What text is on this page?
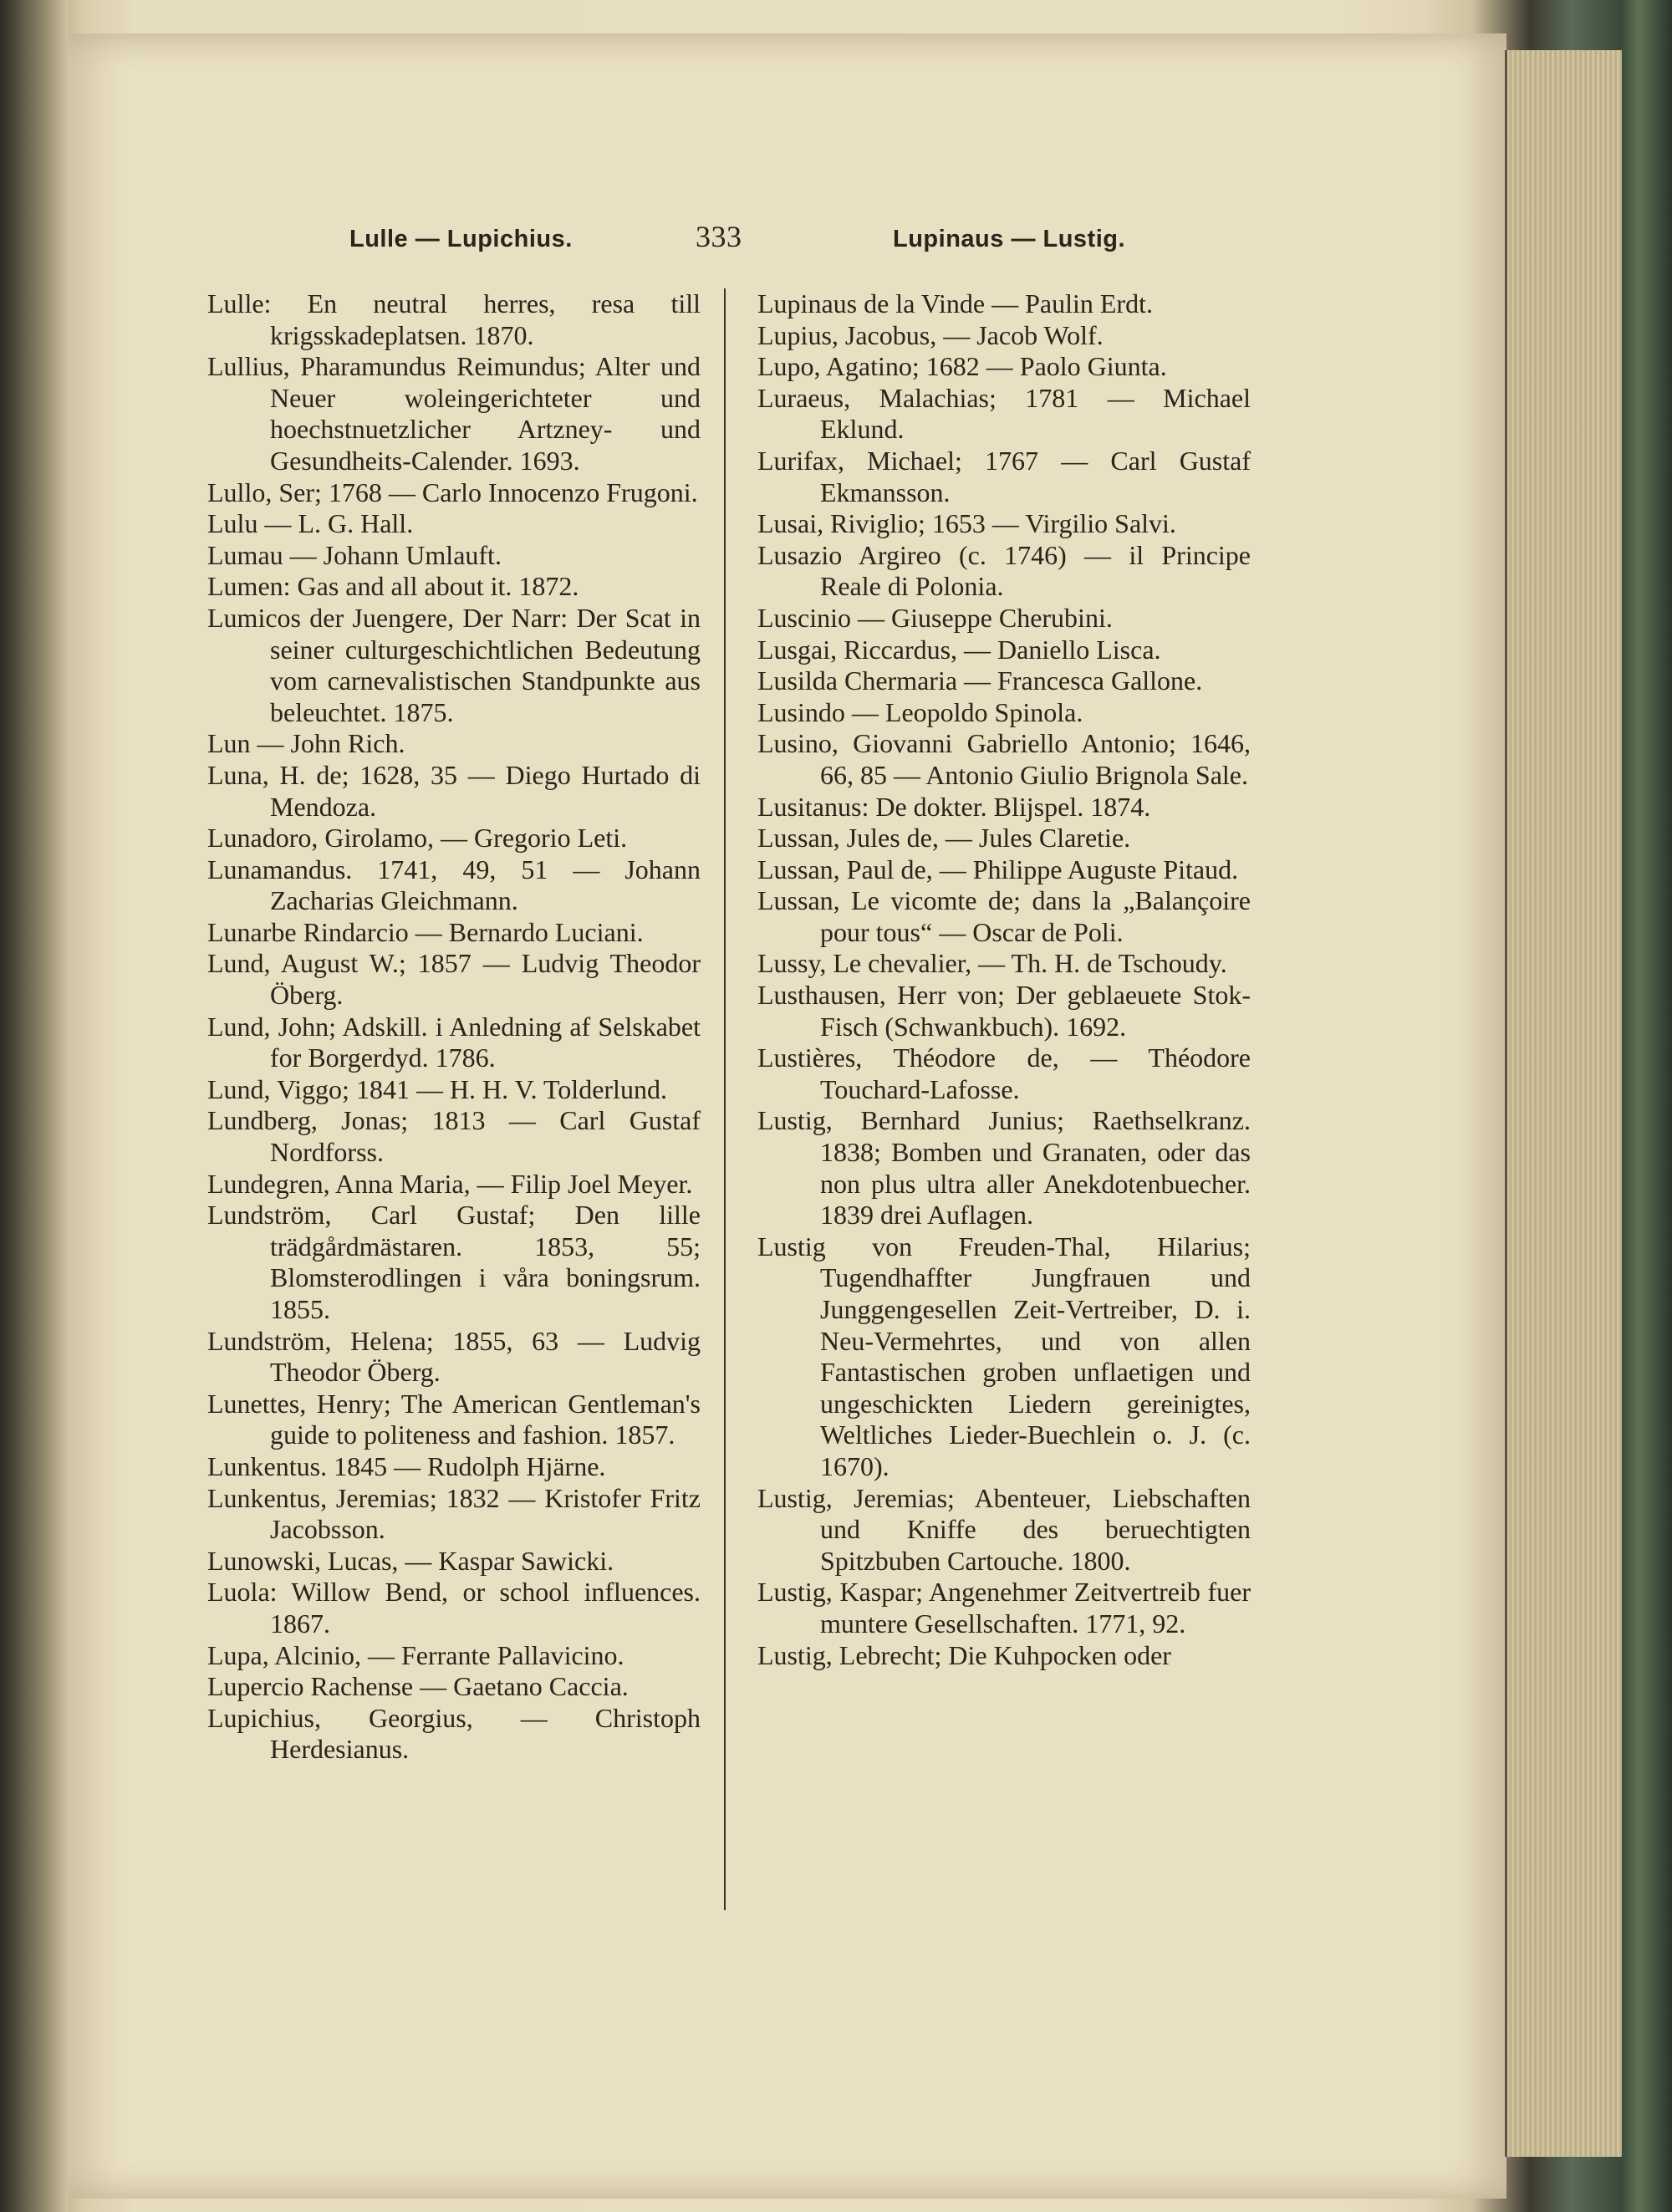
Lulle — Lupichius.	333	Lupinaus — Lustig.

Lulle: En neutral herres, resa till krigsskadeplatsen. 1870.

Lullius, Pharamundus Reimundus; Alter und Neuer woleingerichteter und hoechstnuetzlicher Artzney- und Gesundheits-Calender. 1693.

Lullo, Ser; 1768 — Carlo Innocenzo Frugoni.

Lulu — L. G. Hall.

Lumau — Johann Umlauft.

Lumen: Gas and all about it. 1872.

Lumicos der Juengere, Der Narr: Der Scat in seiner culturgeschichtlichen Bedeutung vom carnevalistischen Standpunkte aus beleuchtet. 1875.

Lun — John Rich.

Luna, H. de; 1628, 35 — Diego Hurtado di Mendoza.

Lunadoro, Girolamo, — Gregorio Leti.

Lunamandus. 1741, 49, 51 — Johann Zacharias Gleichmann.

Lunarbe Rindarcio — Bernardo Luciani.

Lund, August W.; 1857 — Ludvig Theodor Öberg.

Lund, John; Adskill. i Anledning af Selskabet for Borgerdyd. 1786.

Lund, Viggo; 1841 — H. H. V. Tolderlund.

Lundberg, Jonas; 1813 — Carl Gustaf Nordforss.

Lundegren, Anna Maria, — Filip Joel Meyer.

Lundström, Carl Gustaf; Den lille trädgårdmästaren. 1853, 55; Blomsterodlingen i våra boningsrum. 1855.

Lundström, Helena; 1855, 63 — Ludvig Theodor Öberg.

Lunettes, Henry; The American Gentleman's guide to politeness and fashion. 1857.

Lunkentus. 1845 — Rudolph Hjärne.

Lunkentus, Jeremias; 1832 — Kristofer Fritz Jacobsson.

Lunowski, Lucas, — Kaspar Sawicki.

Luola: Willow Bend, or school influences. 1867.

Lupa, Alcinio, — Ferrante Pallavicino.

Lupercio Rachense — Gaetano Caccia.

Lupichius, Georgius, — Christoph Herdesianus.

Lupinaus de la Vinde — Paulin Erdt.

Lupius, Jacobus, — Jacob Wolf.

Lupo, Agatino; 1682 — Paolo Giunta.

Luraeus, Malachias; 1781 — Michael Eklund.

Lurifax, Michael; 1767 — Carl Gustaf Ekmansson.

Lusai, Riviglio; 1653 — Virgilio Salvi.

Lusazio Argireo (c. 1746) — il Principe Reale di Polonia.

Luscinio — Giuseppe Cherubini.

Lusgai, Riccardus, — Daniello Lisca.

Lusilda Chermaria — Francesca Gallone.

Lusindo — Leopoldo Spinola.

Lusino, Giovanni Gabriello Antonio; 1646, 66, 85 — Antonio Giulio Brignola Sale.

Lusitanus: De dokter. Blijspel. 1874.

Lussan, Jules de, — Jules Claretie.

Lussan, Paul de, — Philippe Auguste Pitaud.

Lussan, Le vicomte de; dans la „Balançoire pour tous“ — Oscar de Poli.

Lussy, Le chevalier, — Th. H. de Tschoudy.

Lusthausen, Herr von; Der geblaeuete Stok-Fisch (Schwankbuch). 1692.

Lustières, Théodore de, — Théodore Touchard-Lafosse.

Lustig, Bernhard Junius; Raethselkranz. 1838; Bomben und Granaten, oder das non plus ultra aller Anekdotenbuecher. 1839 drei Auflagen.

Lustig von Freuden-Thal, Hilarius; Tugendhaffter Jungfrauen und Junggengesellen Zeit-Vertreiber, D. i. Neu-Vermehrtes, und von allen Fantastischen groben unflaetigen und ungeschickten Liedern gereinigtes, Weltliches Lieder-Buechlein o. J. (c. 1670).

Lustig, Jeremias; Abenteuer, Liebschaften und Kniffe des beruechtigten Spitzbuben Cartouche. 1800.

Lustig, Kaspar; Angenehmer Zeitvertreib fuer muntere Gesellschaften. 1771, 92.

Lustig, Lebrecht; Die Kuhpocken oder
